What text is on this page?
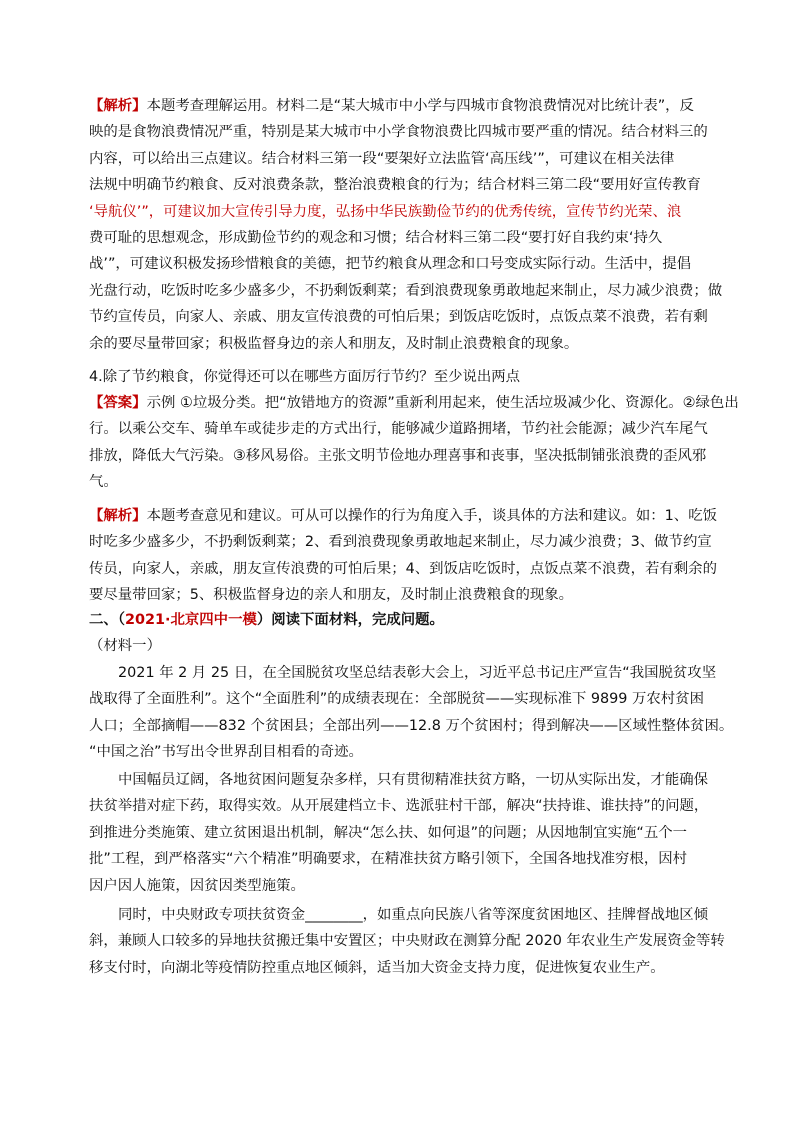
【解析】本题考查理解运用。材料二是“某大城市中小学与四城市食物浪费情况对比统计表”，反
映的是食物浪费情况严重，特别是某大城市中小学食物浪费比四城市要严重的情况。结合材料三的
内容，可以给出三点建议。结合材料三第一段“要架好立法监管‘高压线’”，可建议在相关法律
法规中明确节约粮食、反对浪费条款，整治浪费粮食的行为；结合材料三第二段“要用好宣传教育
‘导航仪’”，可建议加大宣传引导力度，弘扬中华民族勤俭节约的优秀传统，宣传节约光荣、浪
费可耻的思想观念，形成勤俭节约的观念和习惯；结合材料三第二段“要打好自我约束‘持久
战’”，可建议积极发扬珍惜粮食的美德，把节约粮食从理念和口号变成实际行动。生活中，提倡
光盘行动，吃饭时吃多少盛多少，不扔剩饭剩菜；看到浪费现象勇敢地起来制止，尽力减少浪费；做
节约宣传员，向家人、亲戚、朋友宣传浪费的可怕后果；到饭店吃饭时，点饭点菜不浪费，若有剩
余的要尽量带回家；积极监督身边的亲人和朋友，及时制止浪费粮食的现象。
4.除了节约粮食，你觉得还可以在哪些方面厉行节约？至少说出两点
【答案】示例 ①垃圾分类。把“放错地方的资源”重新利用起来，使生活垃圾减少化、资源化。②绿色出
行。以乘公交车、骑单车或徒步走的方式出行，能够减少道路拥堵，节约社会能源；减少汽车尾气
排放，降低大气污染。③移风易俗。主张文明节俭地办理喜事和丧事，坚决抵制铺张浪费的歪风邪
气。
【解析】本题考查意见和建议。可从可以操作的行为角度入手，谈具体的方法和建议。如：1、吃饭
时吃多少盛多少，不扔剩饭剩菜；2、看到浪费现象勇敢地起来制止，尽力减少浪费；3、做节约宣
传员，向家人，亲戚，朋友宣传浪费的可怕后果；4、到饭店吃饭时，点饭点菜不浪费，若有剩余的
要尽量带回家；5、积极监督身边的亲人和朋友，及时制止浪费粮食的现象。
二、（2021·北京四中一模）阅读下面材料，完成问题。
（材料一）
2021 年 2 月 25 日，在全国脱贫攻坚总结表彰大会上，习近平总书记庄严宣告“我国脱贫攻坚
战取得了全面胜利”。这个“全面胜利”的成绩表现在：全部脱贫——实现标准下 9899 万农村贫困
人口；全部摘帽——832 个贫困县；全部出列——12.8 万个贫困村；得到解决——区域性整体贫困。
“中国之治”书写出令世界刮目相看的奇迹。
中国幅员辽阔，各地贫困问题复杂多样，只有贯彻精准扶贫方略，一切从实际出发，才能确保
扶贫举措对症下药，取得实效。从开展建档立卡、选派驻村干部，解决“扶持谁、谁扶持”的问题，
到推进分类施策、建立贫困退出机制，解决“怎么扶、如何退”的问题；从因地制宜实施“五个一
批”工程，到严格落实“六个精准”明确要求，在精准扶贫方略引领下，全国各地找准穷根，因村
因户因人施策，因贫因类型施策。
同时，中央财政专项扶贫资金________，如重点向民族八省等深度贫困地区、挂牌督战地区倾
斜，兼顾人口较多的异地扶贫搬迁集中安置区；中央财政在测算分配 2020 年农业生产发展资金等转
移支付时，向湖北等疫情防控重点地区倾斜，适当加大资金支持力度，促进恢复农业生产。
